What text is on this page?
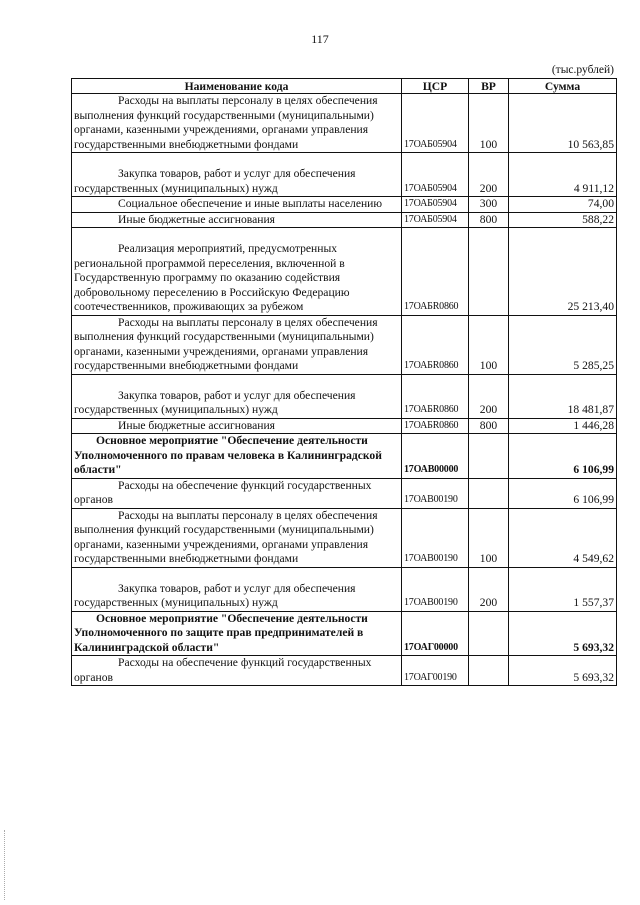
117
(тыс.рублей)
Наименование кода	ЦСР	ВР	Сумма
Расходы на выплаты персоналу в целях обеспечения выполнения функций государственными (муниципальными) органами, казенными учреждениями, органами управления государственными внебюджетными фондами	17ОАБ05904	100	10 563,85
Закупка товаров, работ и услуг для обеспечения государственных (муниципальных) нужд	17ОАБ05904	200	4 911,12
Социальное обеспечение и иные выплаты населению	17ОАБ05904	300	74,00
Иные бюджетные ассигнования	17ОАБ05904	800	588,22
Реализация мероприятий, предусмотренных региональной программой переселения, включенной в Государственную программу по оказанию содействия добровольному переселению в Российскую Федерацию соотечественников, проживающих за рубежом	17ОАБR0860		25 213,40
Расходы на выплаты персоналу в целях обеспечения выполнения функций государственными (муниципальными) органами, казенными учреждениями, органами управления государственными внебюджетными фондами	17ОАБR0860	100	5 285,25
Закупка товаров, работ и услуг для обеспечения государственных (муниципальных) нужд	17ОАБR0860	200	18 481,87
Иные бюджетные ассигнования	17ОАБR0860	800	1 446,28
Основное мероприятие "Обеспечение деятельности Уполномоченного по правам человека в Калининградской области"	17ОАВ00000		6 106,99
Расходы на обеспечение функций государственных органов	17ОАВ00190		6 106,99
Расходы на выплаты персоналу в целях обеспечения выполнения функций государственными (муниципальными) органами, казенными учреждениями, органами управления государственными внебюджетными фондами	17ОАВ00190	100	4 549,62
Закупка товаров, работ и услуг для обеспечения государственных (муниципальных) нужд	17ОАВ00190	200	1 557,37
Основное мероприятие "Обеспечение деятельности Уполномоченного по защите прав предпринимателей в Калининградской области"	17ОАГ00000		5 693,32
Расходы на обеспечение функций государственных органов	17ОАГ00190		5 693,32
